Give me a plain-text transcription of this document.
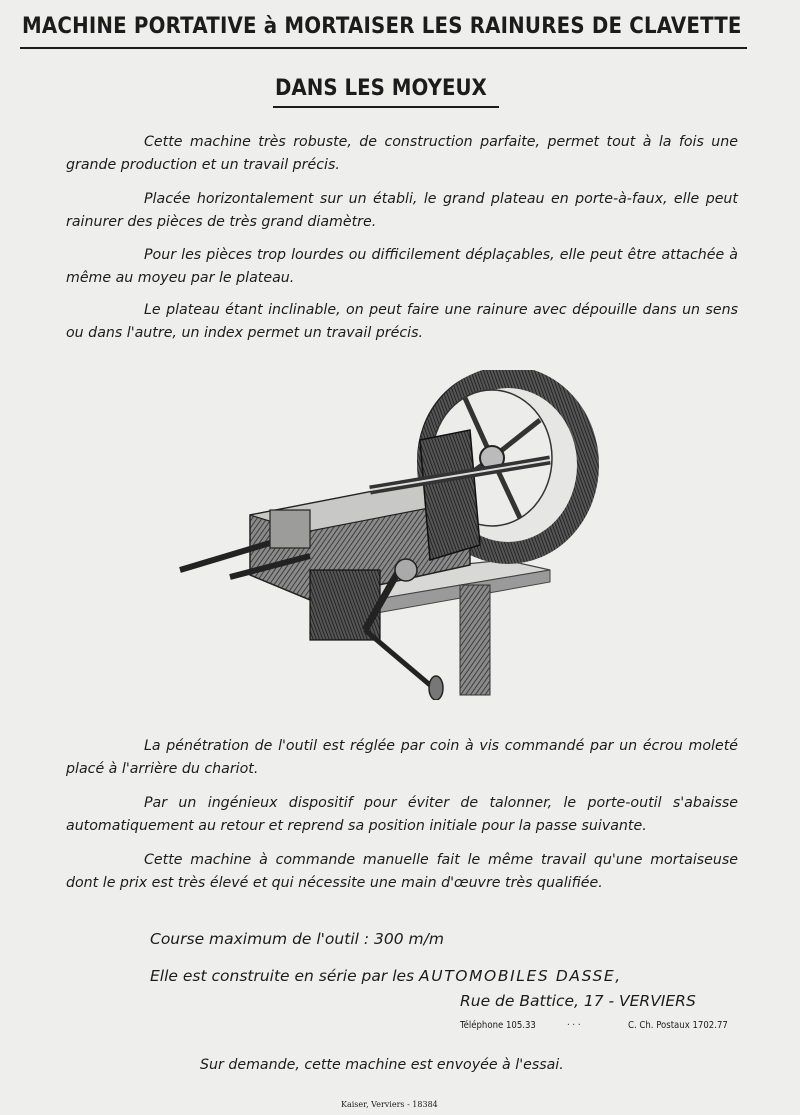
MACHINE PORTATIVE à MORTAISER LES RAINURES DE CLAVETTE
DANS LES MOYEUX
Cette machine très robuste, de construction parfaite, permet tout à la fois une grande production et un travail précis.
Placée horizontalement sur un établi, le grand plateau en porte-à-faux, elle peut rainurer des pièces de très grand diamètre.
Pour les pièces trop lourdes ou difficilement déplaçables, elle peut être attachée à même au moyeu par le plateau.
Le plateau étant inclinable, on peut faire une rainure avec dépouille dans un sens ou dans l'autre, un index permet un travail précis.
La pénétration de l'outil est réglée par coin à vis commandé par un écrou moleté placé à l'arrière du chariot.
Par un ingénieux dispositif pour éviter de talonner, le porte-outil s'abaisse automatiquement au retour et reprend sa position initiale pour la passe suivante.
Cette machine à commande manuelle fait le même travail qu'une mortaiseuse dont le prix est très élevé et qui nécessite une main d'œuvre très qualifiée.
Course maximum de l'outil : 300 m/m
Elle est construite en série par les AUTOMOBILES DASSE,
Rue de Battice, 17 - VERVIERS
Téléphone 105.33	· · ·	C. Ch. Postaux 1702.77
Sur demande, cette machine est envoyée à l'essai.
Kaiser, Verviers - 18384
